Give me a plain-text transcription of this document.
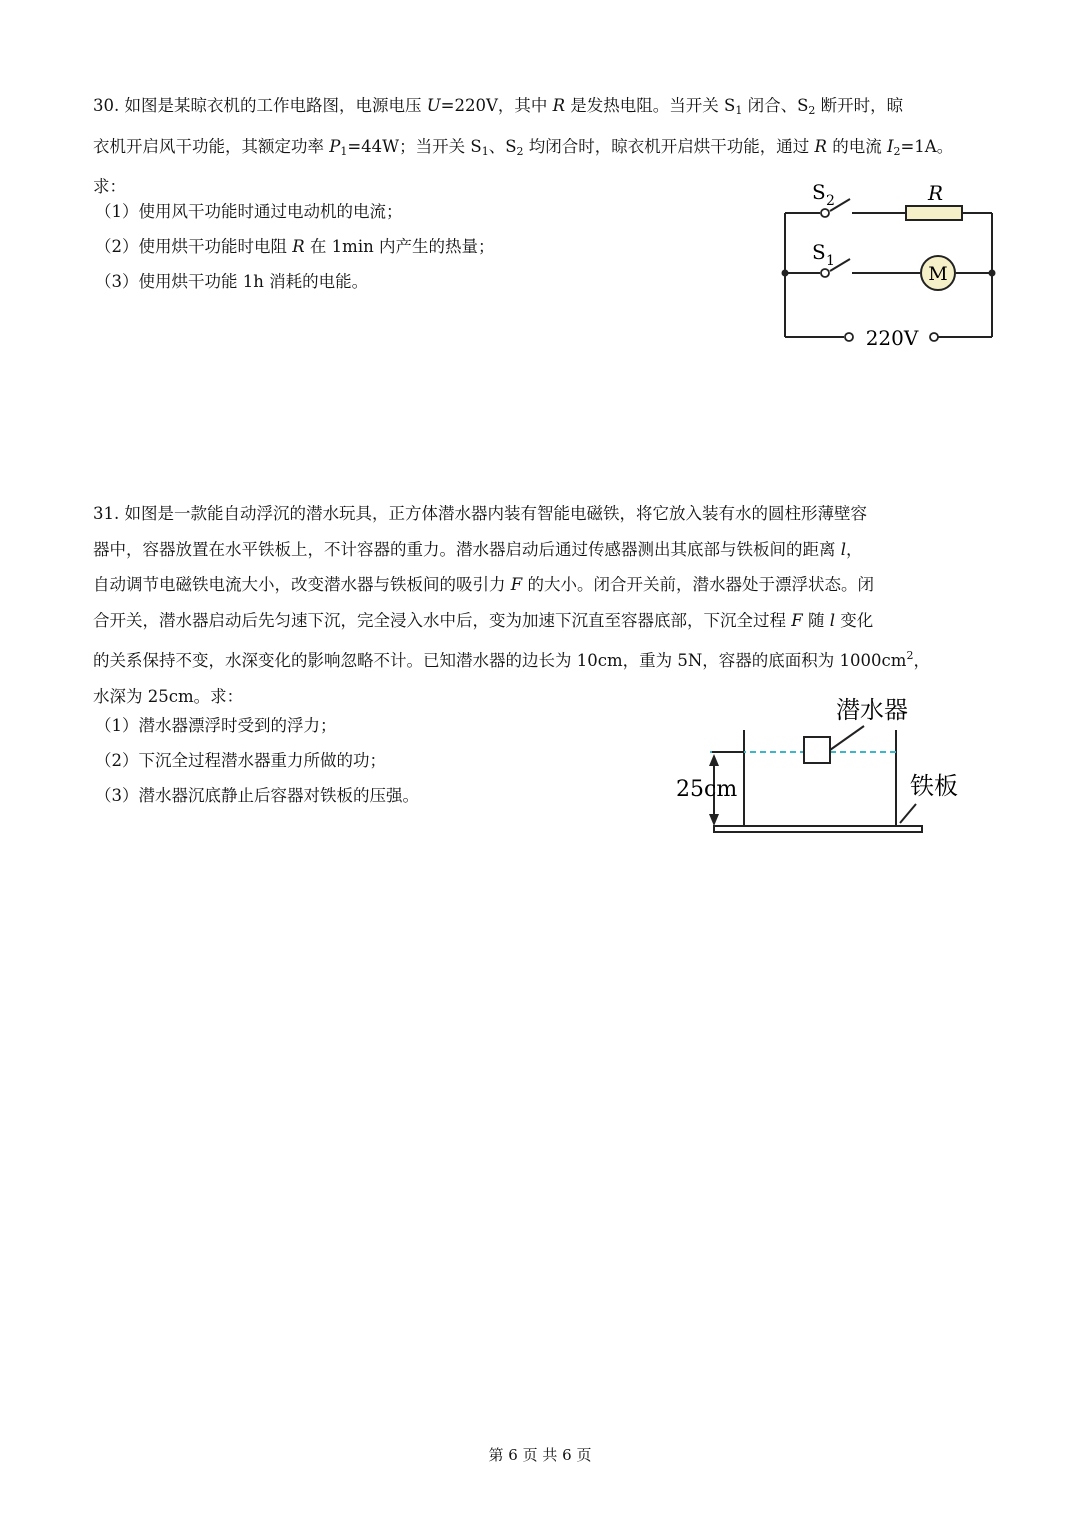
30. 如图是某晾衣机的工作电路图，电源电压 U=220V，其中 R 是发热电阻。当开关 $S_1$ 闭合、$S_2$ 断开时，晾

衣机开启风干功能，其额定功率 $P_1=44W$；当开关 $S_1$、$S_2$ 均闭合时，晾衣机开启烘干功能，通过 R 的电流 $I_2=1A$。

求：

（1）使用风干功能时通过电动机的电流；

（2）使用烘干功能时电阻 R 在 1min 内产生的热量；

（3）使用烘干功能 1h 消耗的电能。

S 2
S 1
R
M
220V

31. 如图是一款能自动浮沉的潜水玩具，正方体潜水器内装有智能电磁铁，将它放入装有水的圆柱形薄壁容

器中，容器放置在水平铁板上，不计容器的重力。潜水器启动后通过传感器测出其底部与铁板间的距离 l，

自动调节电磁铁电流大小，改变潜水器与铁板间的吸引力 F 的大小。闭合开关前，潜水器处于漂浮状态。闭

合开关，潜水器启动后先匀速下沉，完全浸入水中后，变为加速下沉直至容器底部，下沉全过程 F 随 l 变化

的关系保持不变，水深变化的影响忽略不计。已知潜水器的边长为 10cm，重为 5N，容器的底面积为 $1000cm^2$，

水深为 25cm。求：

（1）潜水器漂浮时受到的浮力；

（2）下沉全过程潜水器重力所做的功；

（3）潜水器沉底静止后容器对铁板的压强。

潜水器
铁板
25cm
第 6 页 共 6 页
